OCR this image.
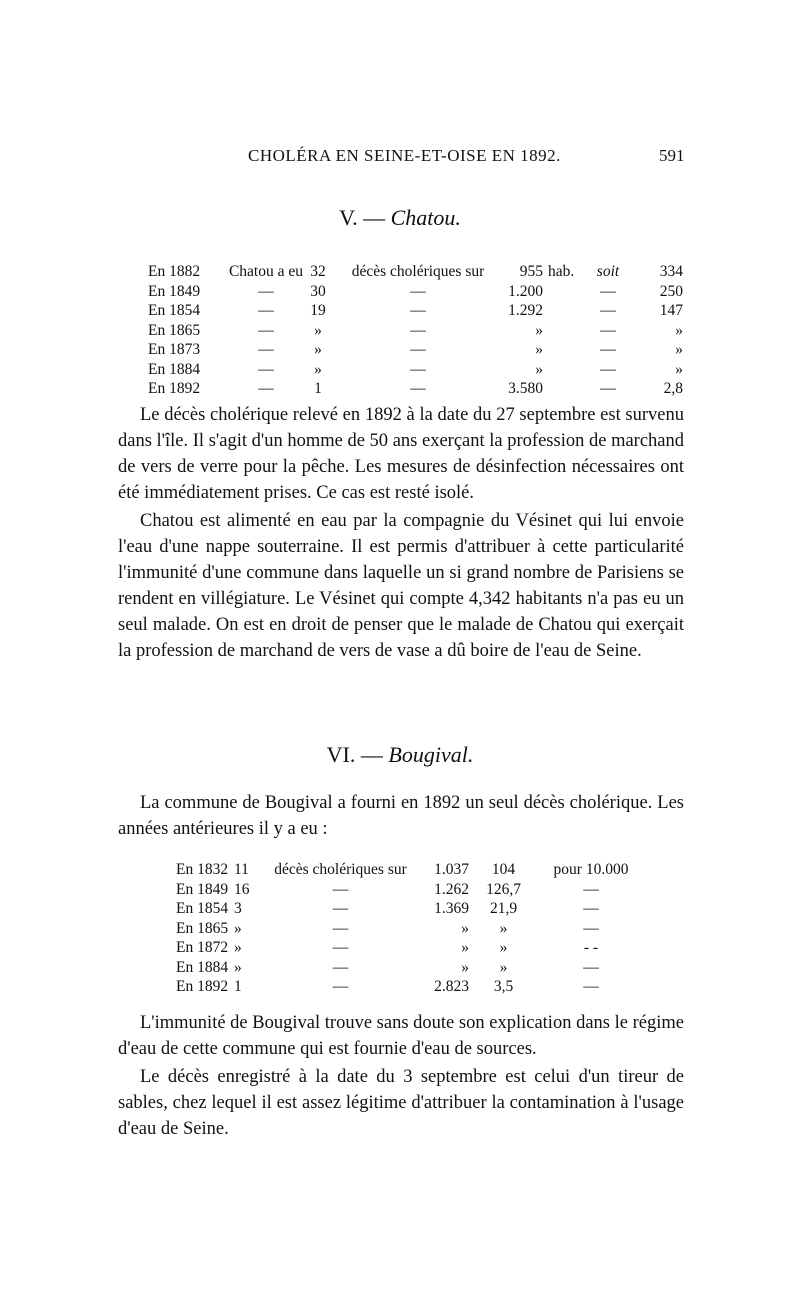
CHOLÉRA EN SEINE-ET-OISE EN 1892.	591
V. — Chatou.
En 1882	Chatou a eu 32	décès cholériques sur	955 hab.	soit	334
En 1849	—	30	—	1.200	—	250
En 1854	—	19	—	1.292	—	147
En 1865	—	»	—	»	—	»
En 1873	—	»	—	»	—	»
En 1884	—	»	—	»	—	»
En 1892	—	1	—	3.580	—	2,8

Le décès cholérique relevé en 1892 à la date du 27 septembre est survenu dans l'île. Il s'agit d'un homme de 50 ans exerçant la profession de marchand de vers de verre pour la pêche. Les mesures de désinfection nécessaires ont été immédiatement prises. Ce cas est resté isolé.

Chatou est alimenté en eau par la compagnie du Vésinet qui lui envoie l'eau d'une nappe souterraine. Il est permis d'attribuer à cette particularité l'immunité d'une commune dans laquelle un si grand nombre de Parisiens se rendent en villégiature. Le Vésinet qui compte 4,342 habitants n'a pas eu un seul malade. On est en droit de penser que le malade de Chatou qui exerçait la profession de marchand de vers de vase a dû boire de l'eau de Seine.

VI. — Bougival.

La commune de Bougival a fourni en 1892 un seul décès cholérique. Les années antérieures il y a eu :

En 1832 11	décès cholériques sur	1.037	104	pour 10.000
En 1849 16	—	1.262	126,7	—
En 1854 3	—	1.369	21,9	—
En 1865 »	—	»	»	—
En 1872 »	—	»	»	- -
En 1884 »	—	»	»	—
En 1892 1	—	2.823	3,5	—

L'immunité de Bougival trouve sans doute son explication dans le régime d'eau de cette commune qui est fournie d'eau de sources.

Le décès enregistré à la date du 3 septembre est celui d'un tireur de sables, chez lequel il est assez légitime d'attribuer la contamination à l'usage d'eau de Seine.
